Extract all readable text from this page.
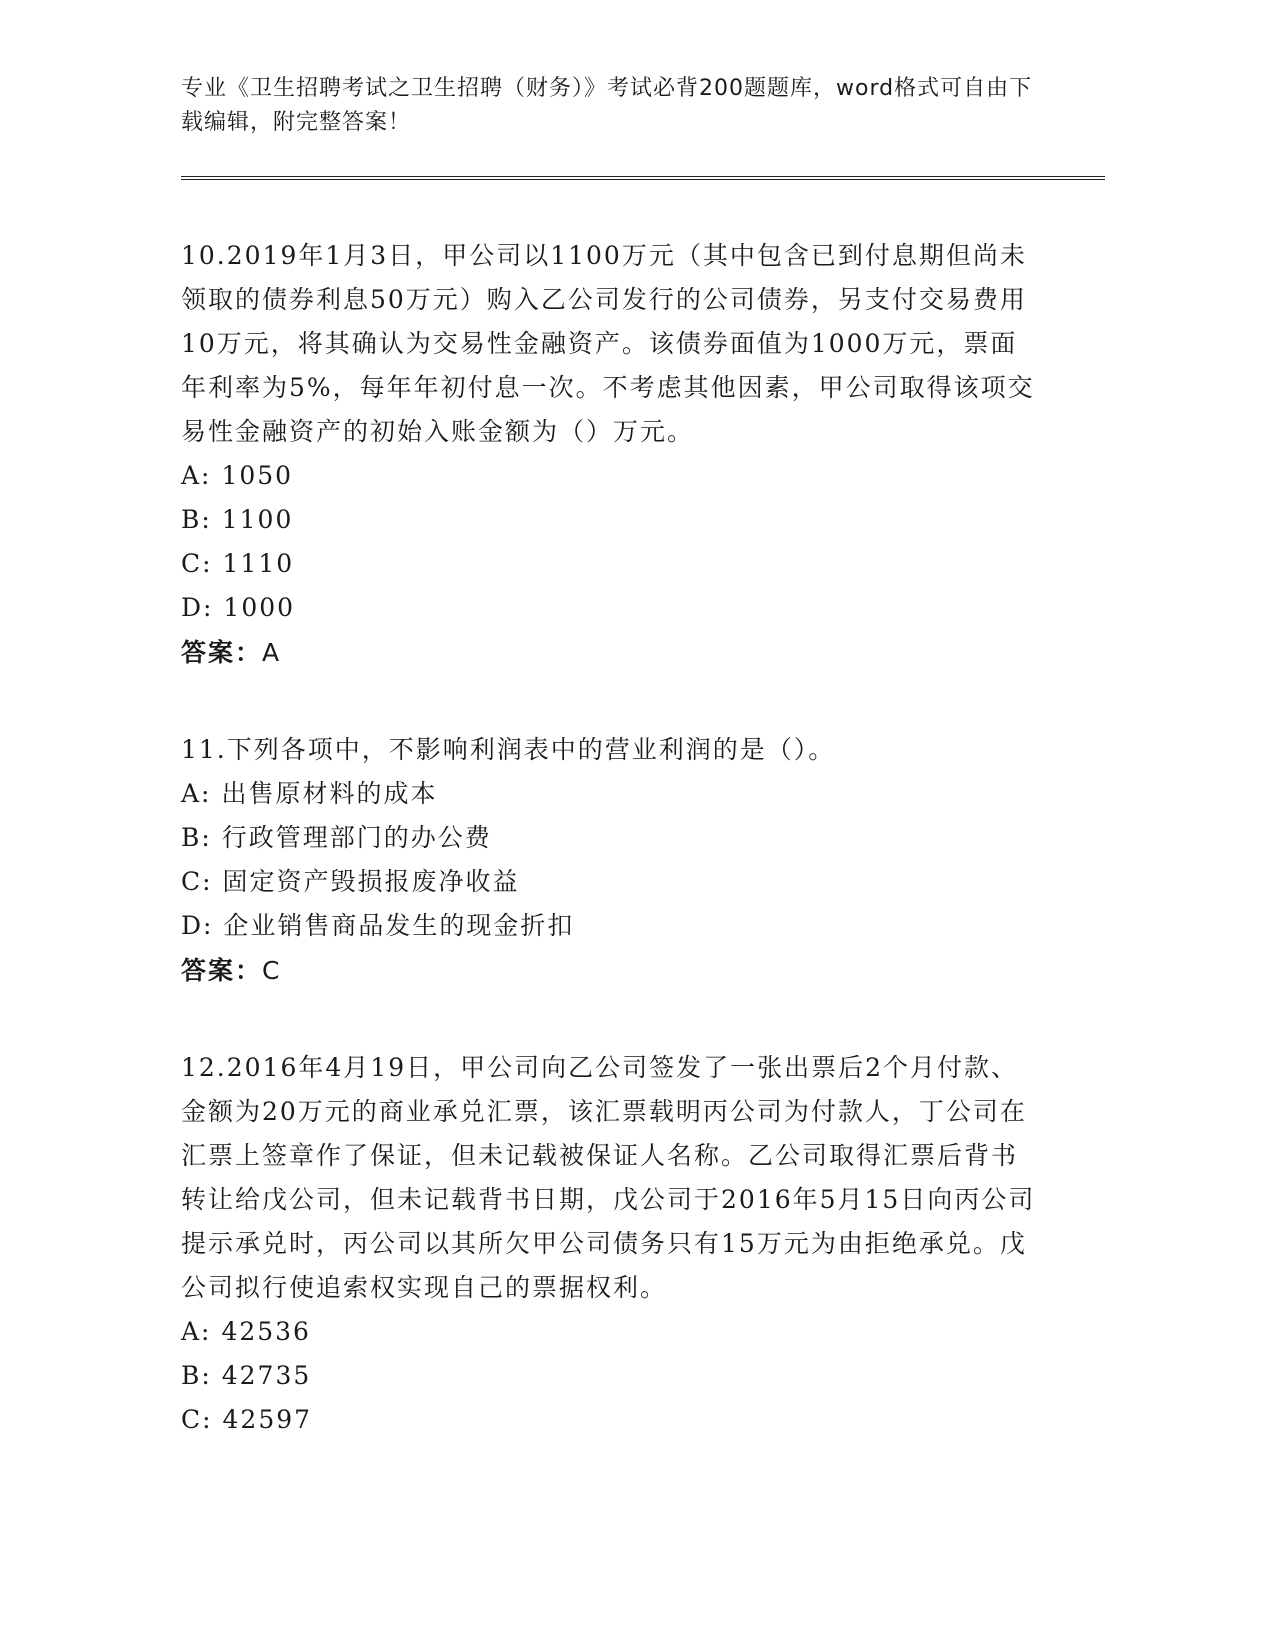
专业《卫生招聘考试之卫生招聘（财务）》考试必背200题题库，word格式可自由下载编辑，附完整答案！

10.2019年1月3日，甲公司以1100万元（其中包含已到付息期但尚未领取的债券利息50万元）购入乙公司发行的公司债券，另支付交易费用10万元，将其确认为交易性金融资产。该债券面值为1000万元，票面年利率为5%，每年年初付息一次。不考虑其他因素，甲公司取得该项交易性金融资产的初始入账金额为（）万元。

A: 1050

B: 1100

C: 1110

D: 1000

答案：A

11.下列各项中，不影响利润表中的营业利润的是（）。

A: 出售原材料的成本

B: 行政管理部门的办公费

C: 固定资产毁损报废净收益

D: 企业销售商品发生的现金折扣

答案：C

12.2016年4月19日，甲公司向乙公司签发了一张出票后2个月付款、金额为20万元的商业承兑汇票，该汇票载明丙公司为付款人，丁公司在汇票上签章作了保证，但未记载被保证人名称。乙公司取得汇票后背书转让给戊公司，但未记载背书日期，戊公司于2016年5月15日向丙公司提示承兑时，丙公司以其所欠甲公司债务只有15万元为由拒绝承兑。戊公司拟行使追索权实现自己的票据权利。

A: 42536

B: 42735

C: 42597
